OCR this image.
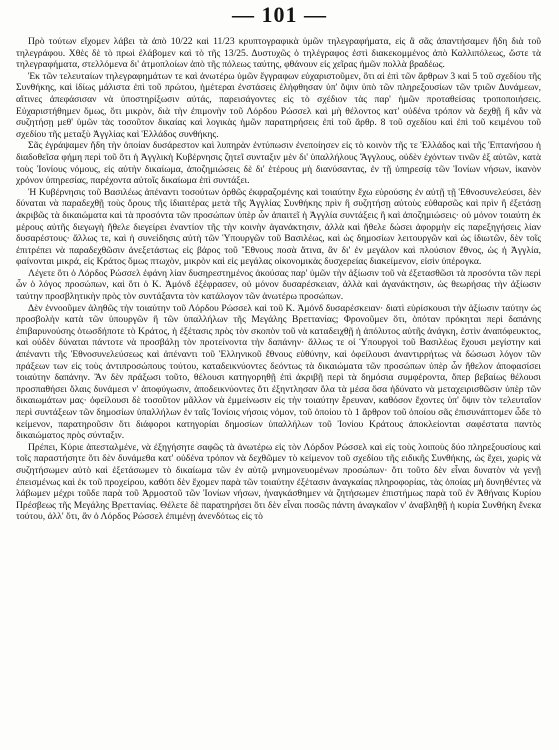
— 101 —

Πρὸ τούτων εἴχομεν λάβει τὰ ἀπὸ 10/22 καὶ 11/23 κρυπτογραφικὰ ὑμῶν τηλεγραφήματα, εἰς ἃ σᾶς ἀπαντήσαμεν ἤδη διὰ τοῦ τηλεγράφου. Χθὲς δὲ τὸ πρωὶ ἐλάβομεν καὶ τὸ τῆς 13/25. Δυστυχῶς ὁ τηλέγραφος ἐστὶ διακεκομμένος ἀπὸ Καλλιπόλεως, ὥστε τὰ τηλεγραφήματα, στελλόμενα δι' ἀτμοπλοίων ἀπὸ τῆς πόλεως ταύτης, φθάνουν εἰς χεῖρας ἡμῶν πολλὰ βραδέως.

Ἐκ τῶν τελευταίων τηλεγραφημάτων τε καὶ ἀνωτέρω ὑμῶν ἔγγραφων εὐχαριστοῦμεν, ὅτι αἱ ἐπὶ τῶν ἄρθρων 3 καὶ 5 τοῦ σχεδίου τῆς Συνθήκης, καὶ ἰδίως μάλιστα ἐπὶ τοῦ πρώτου, ἡμέτεραι ἐνστάσεις ἐλήφθησαν ὑπ' ὄψιν ὑπὸ τῶν πληρεξουσίων τῶν τριῶν Δυνάμεων, αἵτινες ἀπεφάσισαν νὰ ὑποστηρίξωσιν αὐτάς, παρεισάγοντες εἰς τὸ σχέδιον τὰς παρ' ἡμῶν προταθείσας τροποποιήσεις. Εὐχαριστήθημεν ὅμως, ὅτι μικρὸν, διὰ τὴν ἐπιμονὴν τοῦ Λόρδου Ρώσσελ καὶ μὴ θέλοντος κατ' οὐδένα τρόπον νὰ δεχθῇ ἢ κἂν νὰ συζητήσῃ μεθ' ὑμῶν τὰς τοσοῦτον δικαίας καὶ λογικὰς ἡμῶν παρατηρήσεις ἐπὶ τοῦ ἄρθρ. 8 τοῦ σχεδίου καὶ ἐπὶ τοῦ κειμένου τοῦ σχεδίου τῆς μεταξὺ Ἀγγλίας καὶ Ἑλλάδος συνθήκης.

Σᾶς ἐγράψαμεν ἤδη τὴν ὁποίαν δυσάρεστον καὶ λυπηρὰν ἐντύπωσιν ἐνεποίησεν εἰς τὸ κοινὸν τῆς τε Ἑλλάδος καὶ τῆς Ἑπτανήσου ἡ διαδοθεῖσα φήμη περὶ τοῦ ὅτι ἡ Ἀγγλικὴ Κυβέρνησις ζητεῖ συνταξιν μὲν δι' ὑπαλλήλους Ἄγγλους, οὐδὲν ἐχόντων τινῶν ἐξ αὐτῶν, κατὰ τοὺς Ἰονίους νόμους, εἰς αὐτὴν δικαίωμα, ἀποζημιώσεις δὲ δι' ἑτέρους μὴ διανύσαντας, ἐν τῇ ὑπηρεσίᾳ τῶν Ἰονίων νήσων, ἱκανὸν χρόνον ὑπηρεσίας, παρέχοντα αὐτοῖς δικαίωμα ἐπὶ συντάξει.

Ἡ Κυβέρνησις τοῦ Βασιλέως ἀπέναντι τοσούτων ὀρθῶς ἐκφραζομένης καὶ τοιαύτην ἔχω εὐρούσης ἐν αὐτῇ τῇ Ἑθνοσυνελεύσει, δὲν δύναται νὰ παραδεχθῇ τοὺς ὅρους τῆς ἰδιαιτέρας μετὰ τῆς Ἀγγλίας Συνθήκης πρὶν ἢ συζητήσῃ αὐτοὺς εὐθαρσῶς καὶ πρὶν ἢ ἐξετάσῃ ἀκριβῶς τὰ δικαιώματα καὶ τὰ προσόντα τῶν προσώπων ὑπὲρ ὧν ἀπαιτεῖ ἡ Ἀγγλία συντάξεις ἢ καὶ ἀποζημιώσεις· οὐ μόνον τοιαύτη ἐκ μέρους αὐτῆς διεγωγὴ ἤθελε διεγείρει ἐναντίον τῆς τὴν κοινὴν ἀγανάκτησιν, ἀλλὰ καὶ ἤθελε δώσει ἀφορμὴν εἰς παρεξηγήσεις λίαν δυσαρέστους· ἄλλως τε, καὶ ἡ συνείδησις αὐτὴ τῶν Ὑπουργῶν τοῦ Βασιλέως, καὶ ὡς δημοσίων λειτουργῶν καὶ ὡς ἰδιωτῶν, δὲν τοῖς ἐπιτρέπει νὰ παραδεχθῶσιν ἀνεξετάστως εἰς βάρος τοῦ Ἔθνους ποσὰ ἅτινα, ἂν δι' ἐν μεγάλον καὶ πλούσιον ἔθνος, ὡς ἡ Ἀγγλία, φαίνονται μικρά, εἰς Κράτος ὅμως πτωχὸν, μικρὸν καὶ εἰς μεγάλας οἰκονομικὰς δυσχερείας διακείμενον, εἰσὶν ὑπέρογκα.

Λέγετε ὅτι ὁ Λόρδος Ρώσσελ ἐφάνη λίαν δυσηρεστημένος ἀκούσας παρ' ὑμῶν τὴν ἀξίωσιν τοῦ νὰ ἐξετασθῶσι τὰ προσόντα τῶν περὶ ὧν ὁ λόγος προσώπων, καὶ ὅτι ὁ Κ. Ἀμόνδ ἐξέφρασεν, οὐ μόνον δυσαρέσκειαν, ἀλλὰ καὶ ἀγανάκτησιν, ὡς θεωρήσας τὴν ἀξίωσιν ταύτην προσβλητικὴν πρὸς τὸν συντάξαντα τὸν κατάλογον τῶν ἀνωτέρω προσώπων.

Δὲν ἐννοοῦμεν ἀληθῶς τὴν τοιαύτην τοῦ Λόρδου Ρώσσελ καὶ τοῦ Κ. Ἀμόνδ δυσαρέσκειαν· διατὶ εὑρίσκουσι τὴν ἀξίωσιν ταύτην ὡς προσβολὴν κατὰ τῶν ὑπουργῶν ἢ τῶν ὑπαλλήλων τῆς Μεγάλης Βρεττανίας; Φρονοῦμεν ὅτι, ὁπόταν πρόκηται περὶ δαπάνης ἐπιβαρυνούσης ὁτωσδήποτε τὸ Κράτος, ἡ ἐξέτασις πρὸς τὸν σκοπὸν τοῦ νὰ καταδειχθῇ ἡ ἀπόλυτος αὐτῆς ἀνάγκη, ἐστὶν ἀναπόφευκτος, καὶ οὐδὲν δύναται πάντοτε νὰ προσβάλῃ τὸν προτείνοντα τὴν δαπάνην· ἄλλως τε οἱ Ὑπουργοὶ τοῦ Βασιλέως ἔχουσι μεγίστην καὶ ἀπέναντι τῆς Ἑθνοσυνελεύσεως καὶ ἀπέναντι τοῦ Ἑλληνικοῦ ἔθνους εὐθύνην, καὶ ὀφείλουσι ἀναντιρρήτως νὰ δώσωσι λόγον τῶν πράξεων των εἰς τοὺς ἀντιπροσώπους τούτου, καταδεικνύοντες δεόντως τὰ δικαιώματα τῶν προσώπων ὑπὲρ ὧν ἤθελον ἀποφασίσει τοιαύτην δαπάνην. Ἂν δὲν πράξωσι τοῦτο, θέλουσι κατηγορηθῇ ἐπὶ ἀκριβῇ περὶ τὰ δημόσια συμφέροντα, ὅπερ βεβαίως θέλουσι προσπαθήσει ὅλαις δυνάμεσι ν' ἀποφύγωσιν, ἀποδεικνύοντες ὅτι ἐξηντλησαν ὅλα τὰ μέσα ὅσα ἠδύνατο νὰ μεταχειρισθῶσιν ὑπὲρ τῶν δικαιωμάτων μας· ὀφείλουσι δὲ τοσοῦτον μᾶλλον νὰ ἐμμείνωσιν εἰς τὴν τοιαύτην ἔρευναν, καθόσον ἔχοντες ὑπ' ὄψιν τὸν τελευταῖον περὶ συντάξεων τῶν δημοσίων ὑπαλλήλων ἐν ταῖς Ἰονίοις νήσοις νόμον, τοῦ ὁποίου τὸ 1 ἄρθρον τοῦ ὁποίου σᾶς ἐπισυνάπτομεν ὧδε τὸ κείμενον, παρατηροῦσιν ὅτι διάφοροι κατηγορίαι δημοσίων ὑπαλλήλων τοῦ Ἰονίου Κράτους ἀποκλείονται σαφέστατα παντὸς δικαιώματος πρὸς σύνταξιν.

Πρέπει, Κύριε ἀπεσταλμένε, νὰ ἐξηγήσητε σαφῶς τὰ ἀνωτέρω εἰς τὸν Λόρδον Ρώσσελ καὶ εἰς τοὺς λοιποὺς δύο πληρεξουσίους καὶ τοῖς παραστήσητε ὅτι δὲν δυνάμεθα κατ' οὐδένα τρόπον νὰ δεχθῶμεν τὸ κείμενον τοῦ σχεδίου τῆς ειδικῆς Συνθήκης, ὡς ἔχει, χωρὶς νὰ συζητήσωμεν αὐτὸ καὶ ἐξετάσωμεν τὸ δικαίωμα τῶν ἐν αὐτῷ μνημονευομένων προσώπων· ὅτι τοῦτο δὲν εἶναι δυνατὸν νὰ γενῇ ἐπεισμένως καὶ ἐκ τοῦ προχείρου, καθότι δὲν ἔχομεν παρὰ τῶν τοιαύτην ἐξέτασιν ἀναγκαίας πληροφορίας, τὰς ὁποίας μὴ δυνηθέντες νὰ λάβωμεν μέχρι τοῦδε παρὰ τοῦ Ἁρμοστοῦ τῶν Ἰονίων νήσων, ἠναγκάσθημεν νὰ ζητήσωμεν ἐπιστήμως παρὰ τοῦ ἐν Ἀθήναις Κυρίου Πρέσβεως τῆς Μεγάλης Βρεττανίας. Θέλετε δὲ παρατηρήσει ὅτι δὲν εἶναι ποσῶς πάντη ἀναγκαῖον ν' ἀναβληθῇ ἡ κυρία Συνθήκη ἕνεκα τούτου, ἀλλ' ὅτι, ἂν ὁ Λόρδος Ρώσσελ ἐπιμένῃ ἀνενδότως εἰς τὸ
